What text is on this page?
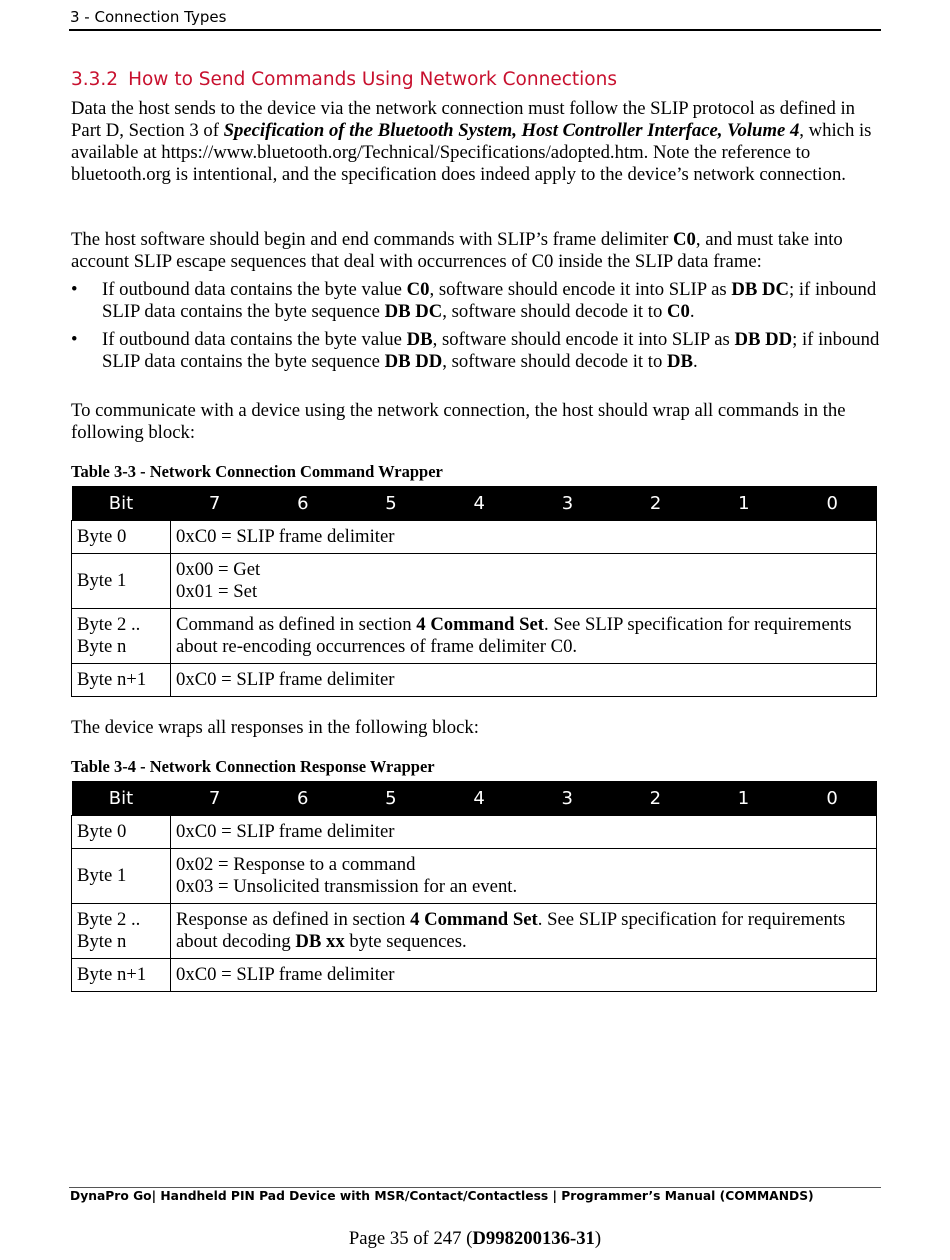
3 - Connection Types
3.3.2 How to Send Commands Using Network Connections

Data the host sends to the device via the network connection must follow the SLIP protocol as defined in Part D, Section 3 of Specification of the Bluetooth System, Host Controller Interface, Volume 4, which is available at https://www.bluetooth.org/Technical/Specifications/adopted.htm. Note the reference to bluetooth.org is intentional, and the specification does indeed apply to the device’s network connection.

The host software should begin and end commands with SLIP’s frame delimiter C0, and must take into account SLIP escape sequences that deal with occurrences of C0 inside the SLIP data frame:

• If outbound data contains the byte value C0, software should encode it into SLIP as DB DC; if inbound SLIP data contains the byte sequence DB DC, software should decode it to C0.
• If outbound data contains the byte value DB, software should encode it into SLIP as DB DD; if inbound SLIP data contains the byte sequence DB DD, software should decode it to DB.

To communicate with a device using the network connection, the host should wrap all commands in the following block:

Table 3-3 - Network Connection Command Wrapper
Bit	7	6	5	4	3	2	1	0
Byte 0	0xC0 = SLIP frame delimiter							
Byte 1	0x00 = Get
0x01 = Set							
Byte 2 ..
Byte n	Command as defined in section 4 Command Set. See SLIP specification for requirements about re-encoding occurrences of frame delimiter C0.							
Byte n+1	0xC0 = SLIP frame delimiter							

The device wraps all responses in the following block:

Table 3-4 - Network Connection Response Wrapper
Bit	7	6	5	4	3	2	1	0
Byte 0	0xC0 = SLIP frame delimiter							
Byte 1	0x02 = Response to a command
0x03 = Unsolicited transmission for an event.							
Byte 2 ..
Byte n	Response as defined in section 4 Command Set. See SLIP specification for requirements about decoding DB xx byte sequences.							
Byte n+1	0xC0 = SLIP frame delimiter							
DynaPro Go| Handheld PIN Pad Device with MSR/Contact/Contactless | Programmer’s Manual (COMMANDS)
Page 35 of 247 (D998200136-31)
